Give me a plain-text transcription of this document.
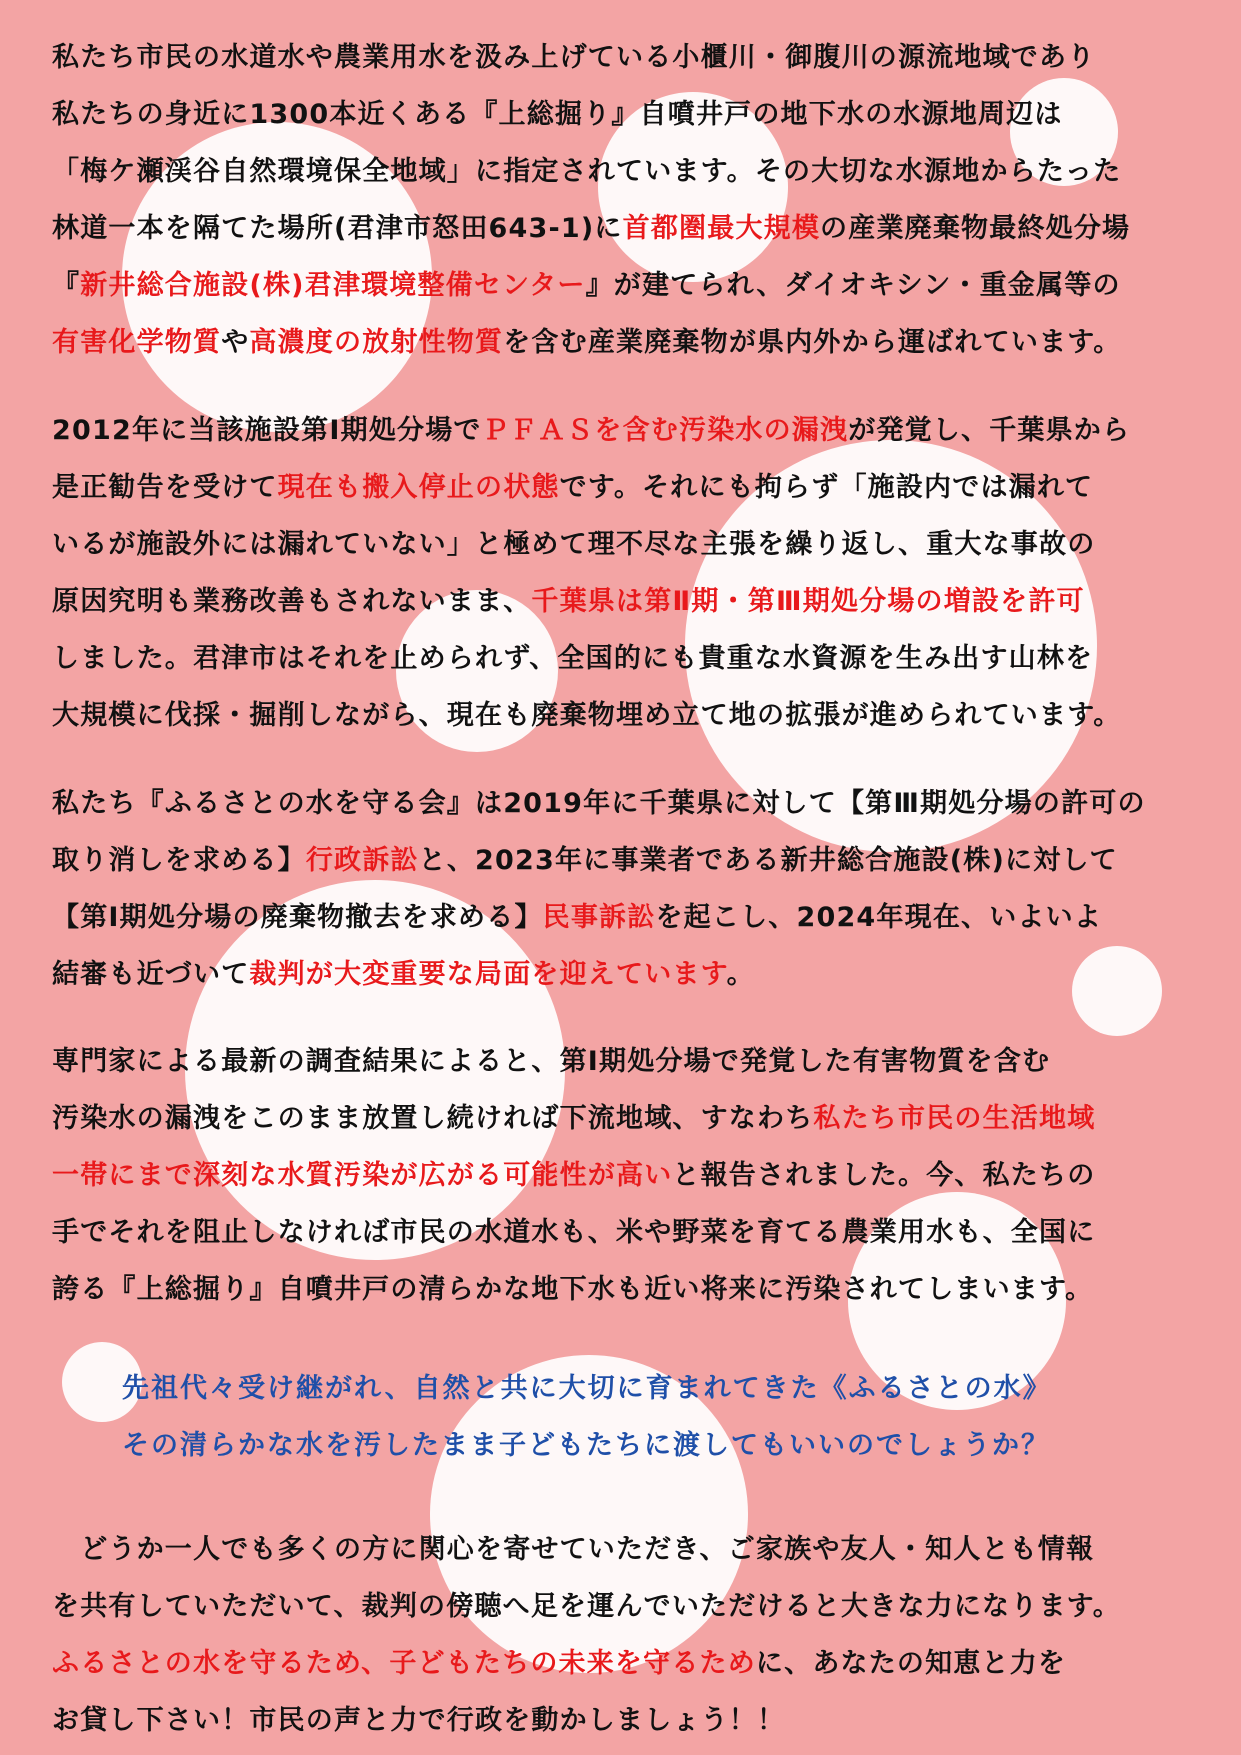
私たち市民の水道水や農業用水を汲み上げている小櫃川・御腹川の源流地域であり
私たちの身近に1300本近くある『上総掘り』自噴井戸の地下水の水源地周辺は
「梅ケ瀬渓谷自然環境保全地域」に指定されています。その大切な水源地からたった
林道一本を隔てた場所(君津市怒田643-1)に首都圏最大規模の産業廃棄物最終処分場
『新井総合施設(株)君津環境整備センター』が建てられ、ダイオキシン・重金属等の
有害化学物質や高濃度の放射性物質を含む産業廃棄物が県内外から運ばれています。
2012年に当該施設第Ⅰ期処分場でＰＦＡＳを含む汚染水の漏洩が発覚し、千葉県から
是正勧告を受けて現在も搬入停止の状態です。それにも拘らず「施設内では漏れて
いるが施設外には漏れていない」と極めて理不尽な主張を繰り返し、重大な事故の
原因究明も業務改善もされないまま、千葉県は第Ⅱ期・第Ⅲ期処分場の増設を許可
しました。君津市はそれを止められず、全国的にも貴重な水資源を生み出す山林を
大規模に伐採・掘削しながら、現在も廃棄物埋め立て地の拡張が進められています。
私たち『ふるさとの水を守る会』は2019年に千葉県に対して【第Ⅲ期処分場の許可の
取り消しを求める】行政訴訟と、2023年に事業者である新井総合施設(株)に対して
【第Ⅰ期処分場の廃棄物撤去を求める】民事訴訟を起こし、2024年現在、いよいよ
結審も近づいて裁判が大変重要な局面を迎えています。
専門家による最新の調査結果によると、第Ⅰ期処分場で発覚した有害物質を含む
汚染水の漏洩をこのまま放置し続ければ下流地域、すなわち私たち市民の生活地域
一帯にまで深刻な水質汚染が広がる可能性が高いと報告されました。今、私たちの
手でそれを阻止しなければ市民の水道水も、米や野菜を育てる農業用水も、全国に
誇る『上総掘り』自噴井戸の清らかな地下水も近い将来に汚染されてしまいます。
先祖代々受け継がれ、自然と共に大切に育まれてきた《ふるさとの水》
その清らかな水を汚したまま子どもたちに渡してもいいのでしょうか？
　どうか一人でも多くの方に関心を寄せていただき、ご家族や友人・知人とも情報
を共有していただいて、裁判の傍聴へ足を運んでいただけると大きな力になります。
ふるさとの水を守るため、子どもたちの未来を守るために、あなたの知恵と力を
お貸し下さい！市民の声と力で行政を動かしましょう！！
